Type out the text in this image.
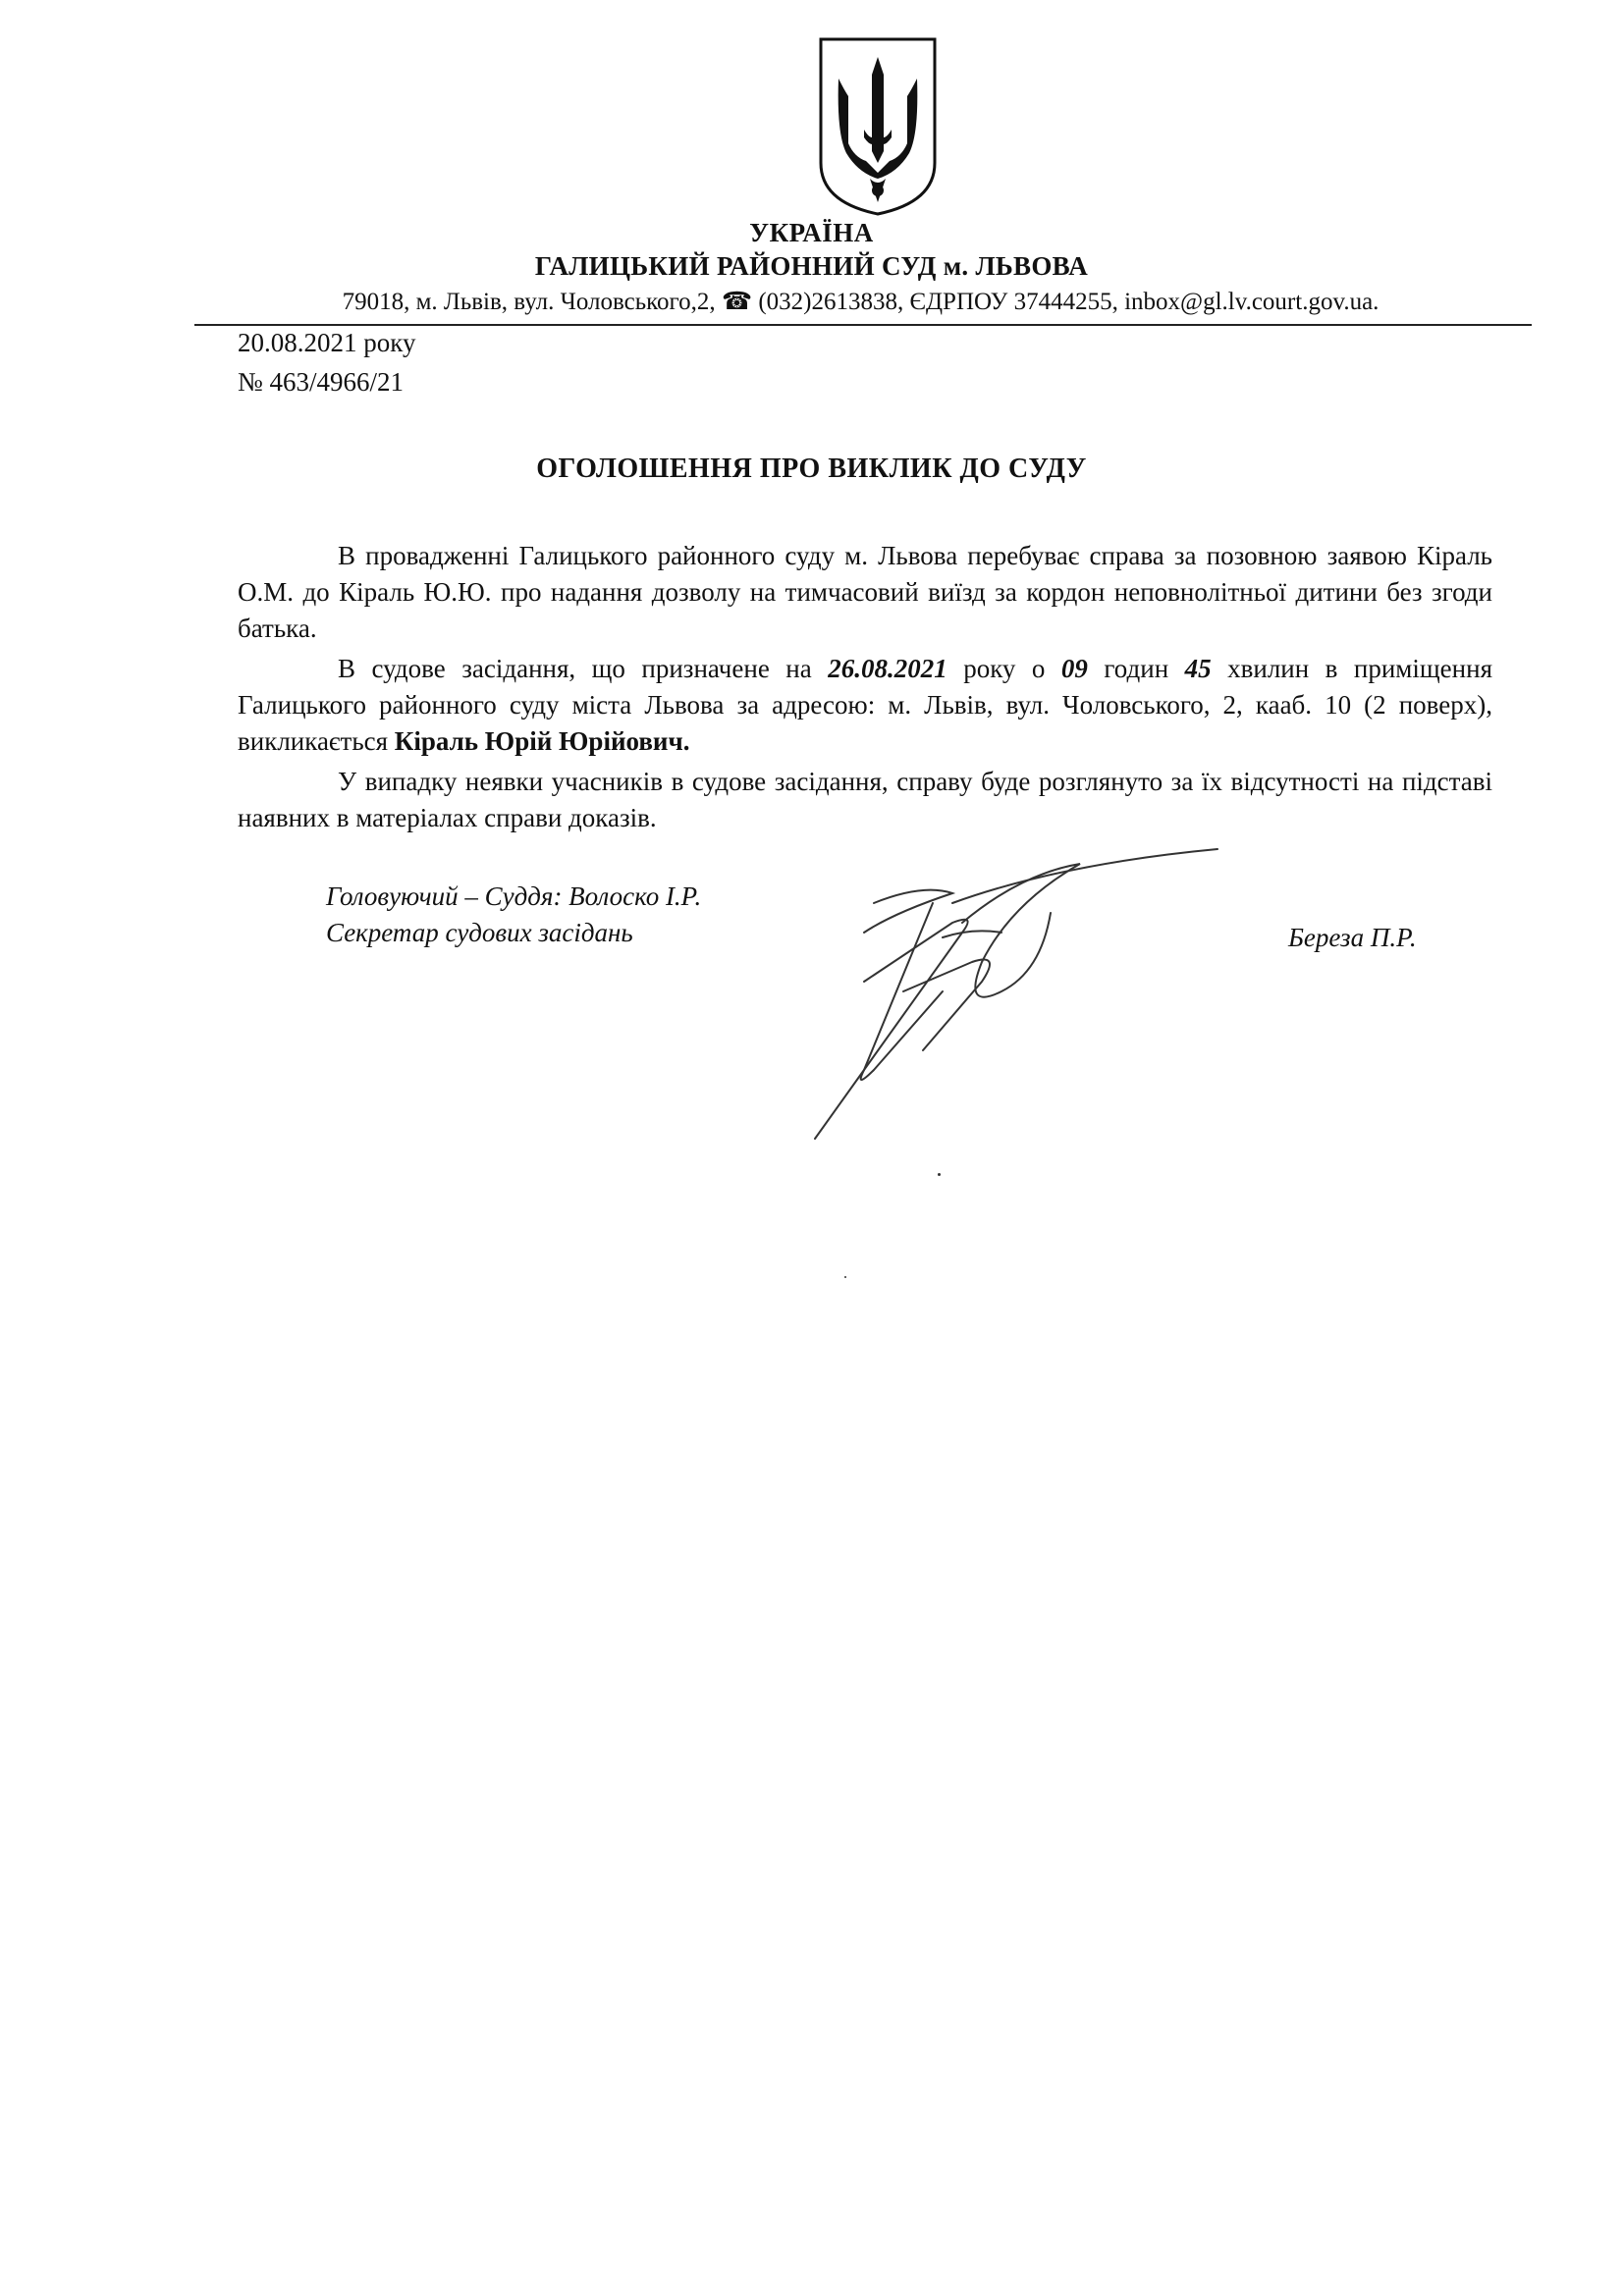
УКРАЇНА
ГАЛИЦЬКИЙ РАЙОННИЙ СУД м. ЛЬВОВА
79018, м. Львів, вул. Чоловського,2, ☎ (032)2613838, ЄДРПОУ 37444255, inbox@gl.lv.court.gov.ua.
20.08.2021 року
№ 463/4966/21
ОГОЛОШЕННЯ ПРО ВИКЛИК ДО СУДУ

В провадженні Галицького районного суду м. Львова перебуває справа за позовною заявою Кіраль О.М. до Кіраль Ю.Ю. про надання дозволу на тимчасовий виїзд за кордон неповнолітньої дитини без згоди батька.

В судове засідання, що призначене на 26.08.2021 року о 09 годин 45 хвилин в приміщення Галицького районного суду міста Львова за адресою: м. Львів, вул. Чоловського, 2, кааб. 10 (2 поверх), викликається Кіраль Юрій Юрійович.

У випадку неявки учасників в судове засідання, справу буде розглянуто за їх відсутності на підставі наявних в матеріалах справи доказів.

Головуючий – Суддя: Волоско І.Р.
Секретар судових засідань	Береза П.Р.
